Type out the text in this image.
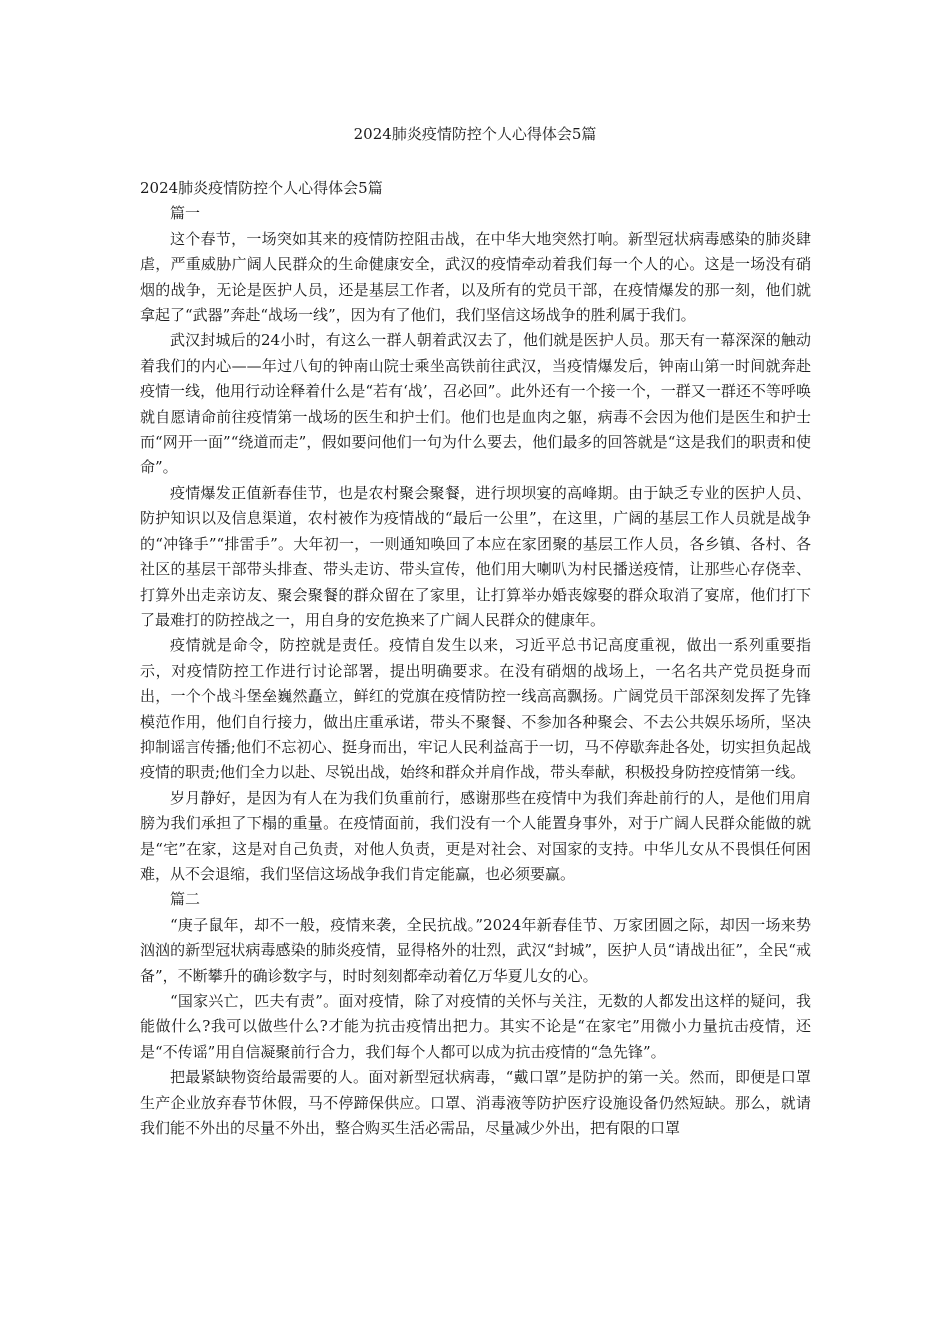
2024肺炎疫情防控个人心得体会5篇

2024肺炎疫情防控个人心得体会5篇

篇一

这个春节，一场突如其来的疫情防控阻击战，在中华大地突然打响。新型冠状病毒感染的肺炎肆虐，严重威胁广阔人民群众的生命健康安全，武汉的疫情牵动着我们每一个人的心。这是一场没有硝烟的战争，无论是医护人员，还是基层工作者，以及所有的党员干部，在疫情爆发的那一刻，他们就拿起了“武器”奔赴“战场一线”，因为有了他们，我们坚信这场战争的胜利属于我们。

武汉封城后的24小时，有这么一群人朝着武汉去了，他们就是医护人员。那天有一幕深深的触动着我们的内心——年过八旬的钟南山院士乘坐高铁前往武汉，当疫情爆发后，钟南山第一时间就奔赴疫情一线，他用行动诠释着什么是“若有‘战’，召必回”。此外还有一个接一个，一群又一群还不等呼唤就自愿请命前往疫情第一战场的医生和护士们。他们也是血肉之躯，病毒不会因为他们是医生和护士而“网开一面”“绕道而走”，假如要问他们一句为什么要去，他们最多的回答就是“这是我们的职责和使命”。

疫情爆发正值新春佳节，也是农村聚会聚餐，进行坝坝宴的高峰期。由于缺乏专业的医护人员、防护知识以及信息渠道，农村被作为疫情战的“最后一公里”，在这里，广阔的基层工作人员就是战争的“冲锋手”“排雷手”。大年初一，一则通知唤回了本应在家团聚的基层工作人员，各乡镇、各村、各社区的基层干部带头排查、带头走访、带头宣传，他们用大喇叭为村民播送疫情，让那些心存侥幸、打算外出走亲访友、聚会聚餐的群众留在了家里，让打算举办婚丧嫁娶的群众取消了宴席，他们打下了最难打的防控战之一，用自身的安危换来了广阔人民群众的健康年。

疫情就是命令，防控就是责任。疫情自发生以来，习近平总书记高度重视，做出一系列重要指示，对疫情防控工作进行讨论部署，提出明确要求。在没有硝烟的战场上，一名名共产党员挺身而出，一个个战斗堡垒巍然矗立，鲜红的党旗在疫情防控一线高高飘扬。广阔党员干部深刻发挥了先锋模范作用，他们自行接力，做出庄重承诺，带头不聚餐、不参加各种聚会、不去公共娱乐场所，坚决抑制谣言传播;他们不忘初心、挺身而出，牢记人民利益高于一切，马不停歇奔赴各处，切实担负起战疫情的职责;他们全力以赴、尽锐出战，始终和群众并肩作战，带头奉献，积极投身防控疫情第一线。

岁月静好，是因为有人在为我们负重前行，感谢那些在疫情中为我们奔赴前行的人，是他们用肩膀为我们承担了下榻的重量。在疫情面前，我们没有一个人能置身事外，对于广阔人民群众能做的就是“宅”在家，这是对自己负责，对他人负责，更是对社会、对国家的支持。中华儿女从不畏惧任何困难，从不会退缩，我们坚信这场战争我们肯定能赢，也必须要赢。

篇二

“庚子鼠年，却不一般，疫情来袭，全民抗战。”2024年新春佳节、万家团圆之际，却因一场来势汹汹的新型冠状病毒感染的肺炎疫情，显得格外的壮烈，武汉“封城”，医护人员“请战出征”，全民“戒备”，不断攀升的确诊数字与，时时刻刻都牵动着亿万华夏儿女的心。

“国家兴亡，匹夫有责”。面对疫情，除了对疫情的关怀与关注，无数的人都发出这样的疑问，我能做什么?我可以做些什么?才能为抗击疫情出把力。其实不论是“在家宅”用微小力量抗击疫情，还是“不传谣”用自信凝聚前行合力，我们每个人都可以成为抗击疫情的“急先锋”。

把最紧缺物资给最需要的人。面对新型冠状病毒，“戴口罩”是防护的第一关。然而，即便是口罩生产企业放弃春节休假，马不停蹄保供应。口罩、消毒液等防护医疗设施设备仍然短缺。那么，就请我们能不外出的尽量不外出，整合购买生活必需品，尽量减少外出，把有限的口罩
